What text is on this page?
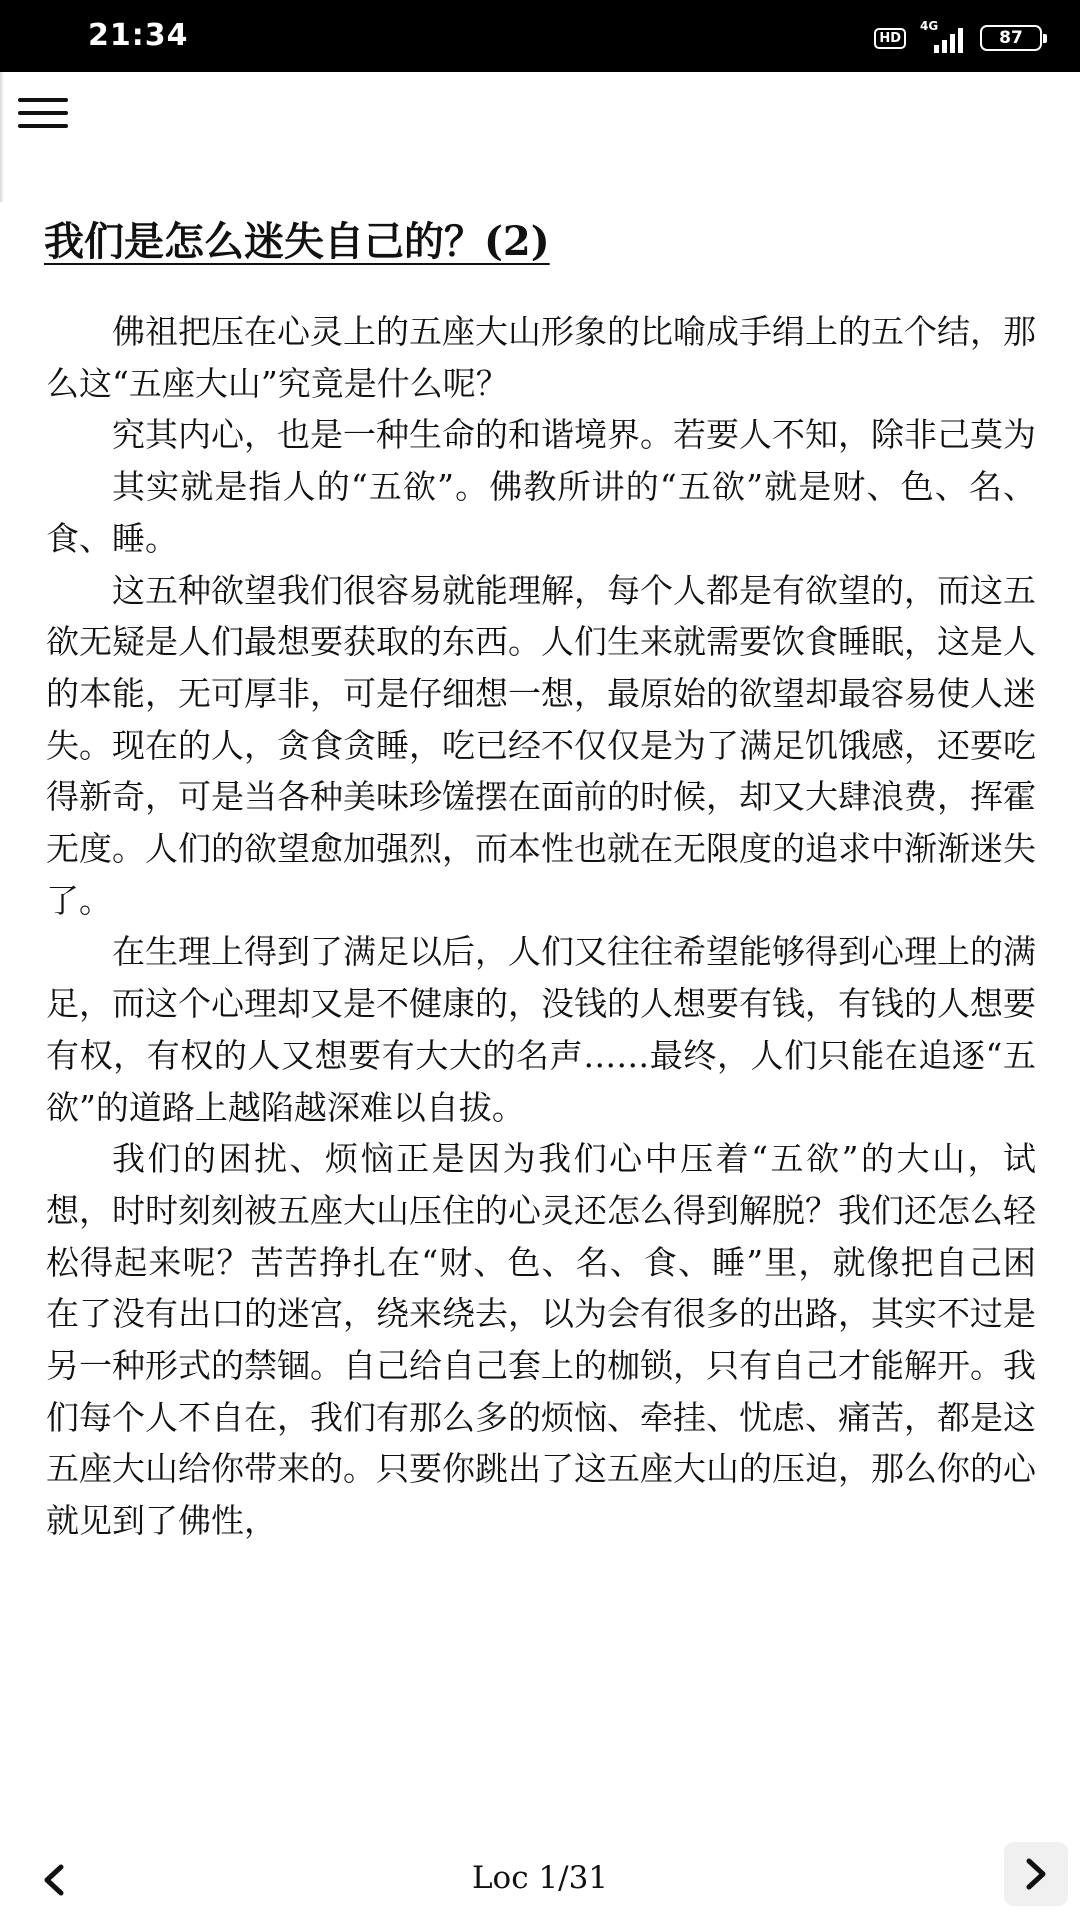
21:34	HD
4G
87
我们是怎么迷失自己的？(2)

佛祖把压在心灵上的五座大山形象的比喻成手绢上的五个结，那么这“五座大山”究竟是什么呢？

究其内心，也是一种生命的和谐境界。若要人不知，除非己莫为

其实就是指人的“五欲”。佛教所讲的“五欲”就是财、色、名、食、睡。

这五种欲望我们很容易就能理解，每个人都是有欲望的，而这五欲无疑是人们最想要获取的东西。人们生来就需要饮食睡眠，这是人的本能，无可厚非，可是仔细想一想，最原始的欲望却最容易使人迷失。现在的人，贪食贪睡，吃已经不仅仅是为了满足饥饿感，还要吃得新奇，可是当各种美味珍馐摆在面前的时候，却又大肆浪费，挥霍无度。人们的欲望愈加强烈，而本性也就在无限度的追求中渐渐迷失了。

在生理上得到了满足以后，人们又往往希望能够得到心理上的满足，而这个心理却又是不健康的，没钱的人想要有钱，有钱的人想要有权，有权的人又想要有大大的名声……最终，人们只能在追逐“五欲”的道路上越陷越深难以自拔。

我们的困扰、烦恼正是因为我们心中压着“五欲”的大山，试想，时时刻刻被五座大山压住的心灵还怎么得到解脱？我们还怎么轻松得起来呢？苦苦挣扎在“财、色、名、食、睡”里，就像把自己困在了没有出口的迷宫，绕来绕去，以为会有很多的出路，其实不过是另一种形式的禁锢。自己给自己套上的枷锁，只有自己才能解开。我们每个人不自在，我们有那么多的烦恼、牵挂、忧虑、痛苦，都是这五座大山给你带来的。只要你跳出了这五座大山的压迫，那么你的心就见到了佛性，

Loc 1/31
